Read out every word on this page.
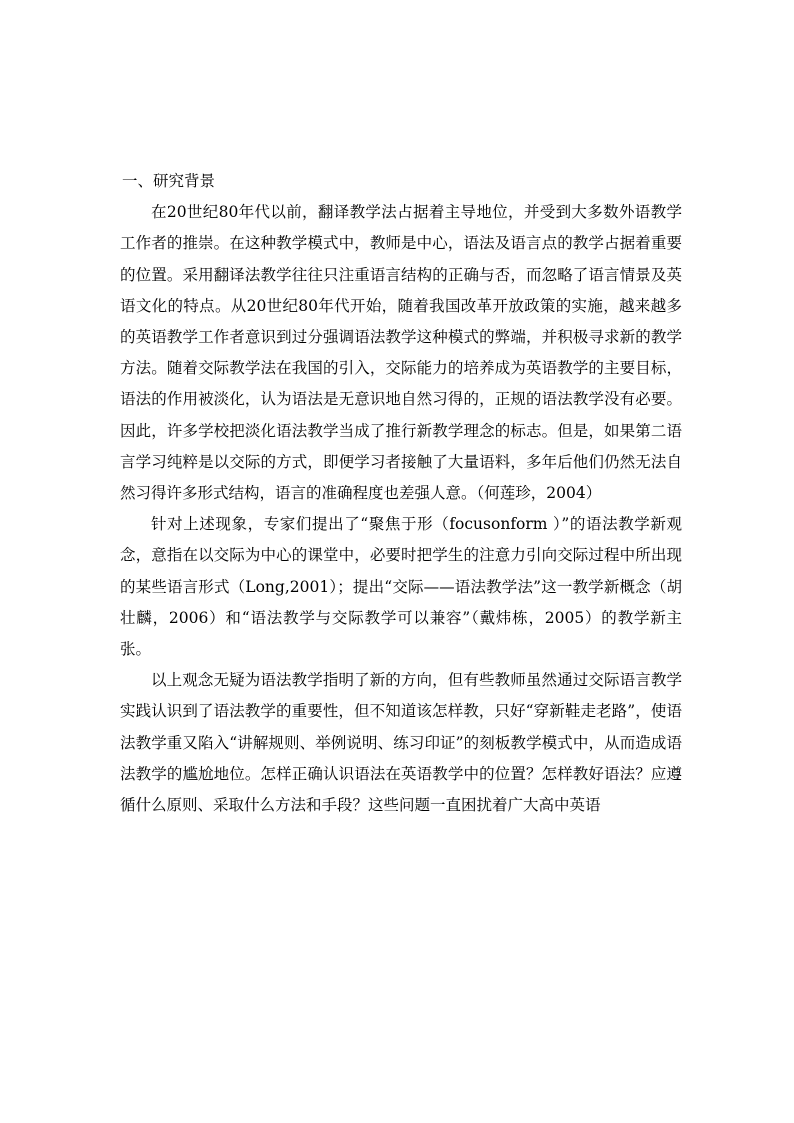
一、研究背景

在20世纪80年代以前，翻译教学法占据着主导地位，并受到大多数外语教学工作者的推崇。在这种教学模式中，教师是中心，语法及语言点的教学占据着重要的位置。采用翻译法教学往往只注重语言结构的正确与否，而忽略了语言情景及英语文化的特点。从20世纪80年代开始，随着我国改革开放政策的实施，越来越多的英语教学工作者意识到过分强调语法教学这种模式的弊端，并积极寻求新的教学方法。随着交际教学法在我国的引入，交际能力的培养成为英语教学的主要目标，语法的作用被淡化，认为语法是无意识地自然习得的，正规的语法教学没有必要。因此，许多学校把淡化语法教学当成了推行新教学理念的标志。但是，如果第二语言学习纯粹是以交际的方式，即便学习者接触了大量语料，多年后他们仍然无法自然习得许多形式结构，语言的准确程度也差强人意。（何莲珍，2004）

针对上述现象，专家们提出了“聚焦于形（focusonform ）”的语法教学新观念，意指在以交际为中心的课堂中，必要时把学生的注意力引向交际过程中所出现的某些语言形式（Long,2001）；提出“交际——语法教学法”这一教学新概念（胡壮麟，2006）和“语法教学与交际教学可以兼容”（戴炜栋，2005）的教学新主张。

以上观念无疑为语法教学指明了新的方向，但有些教师虽然通过交际语言教学实践认识到了语法教学的重要性，但不知道该怎样教，只好“穿新鞋走老路”，使语法教学重又陷入“讲解规则、举例说明、练习印证”的刻板教学模式中，从而造成语法教学的尴尬地位。怎样正确认识语法在英语教学中的位置？怎样教好语法？应遵循什么原则、采取什么方法和手段？这些问题一直困扰着广大高中英语
